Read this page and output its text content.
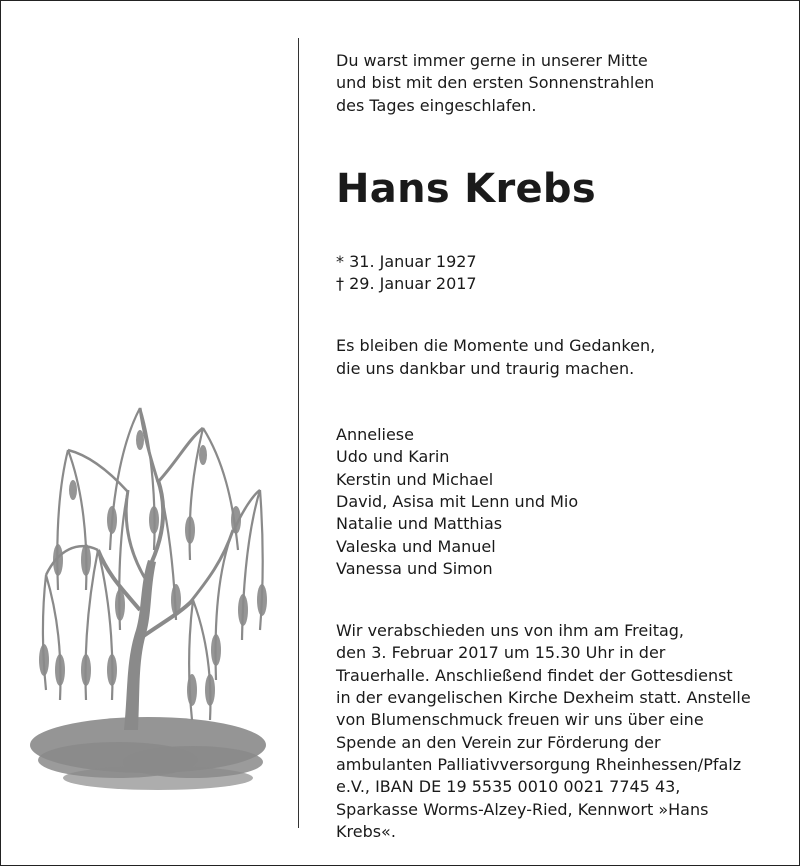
Du warst immer gerne in unserer Mitte
und bist mit den ersten Sonnenstrahlen
des Tages eingeschlafen.
Hans Krebs
* 31. Januar 1927
† 29. Januar 2017
Es bleiben die Momente und Gedanken,
die uns dankbar und traurig machen.
Anneliese
Udo und Karin
Kerstin und Michael
David, Asisa mit Lenn und Mio
Natalie und Matthias
Valeska und Manuel
Vanessa und Simon
Wir verabschieden uns von ihm am Freitag,
den 3. Februar 2017 um 15.30 Uhr in der
Trauerhalle. Anschließend findet der Gottesdienst
in der evangelischen Kirche Dexheim statt. Anstelle
von Blumenschmuck freuen wir uns über eine
Spende an den Verein zur Förderung der
ambulanten Palliativversorgung Rheinhessen/Pfalz
e.V., IBAN DE 19 5535 0010 0021 7745 43,
Sparkasse Worms-Alzey-Ried, Kennwort »Hans
Krebs«.
